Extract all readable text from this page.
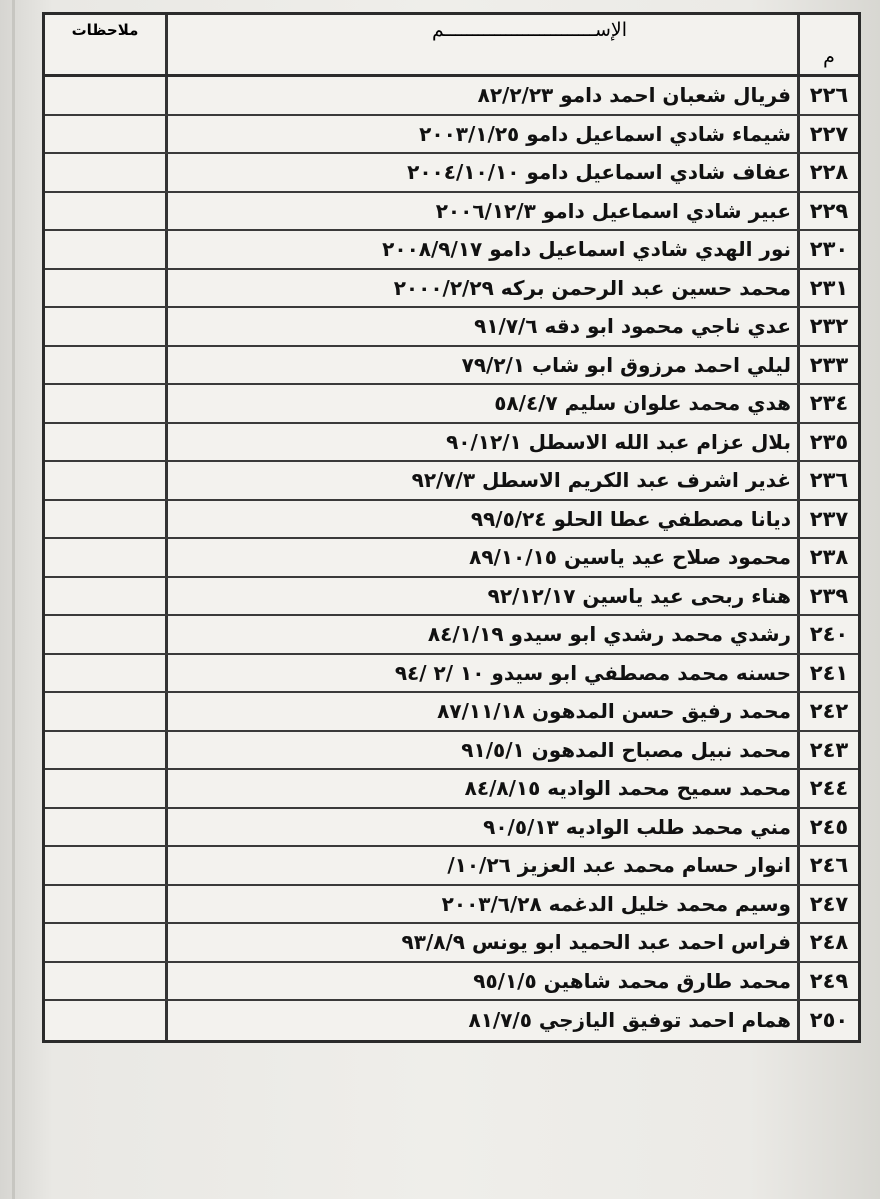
م
الإســـــــــــــــــــــــــــم
ملاحظات
٢٢٦
فريال شعبان احمد دامو ٨٢/٢/٢٣
٢٢٧
شيماء شادي اسماعيل دامو ٢٠٠٣/١/٢٥
٢٢٨
عفاف شادي اسماعيل دامو ٢٠٠٤/١٠/١٠
٢٢٩
عبير شادي اسماعيل دامو ٢٠٠٦/١٢/٣
٢٣٠
نور الهدي شادي اسماعيل دامو ٢٠٠٨/٩/١٧
٢٣١
محمد حسين عبد الرحمن بركه ٢٠٠٠/٢/٢٩
٢٣٢
عدي ناجي محمود ابو دقه ٩١/٧/٦
٢٣٣
ليلي احمد مرزوق ابو شاب ٧٩/٢/١
٢٣٤
هدي محمد علوان سليم ٥٨/٤/٧
٢٣٥
بلال عزام عبد الله الاسطل ٩٠/١٢/١
٢٣٦
غدير اشرف عبد الكريم الاسطل ٩٢/٧/٣
٢٣٧
ديانا مصطفي عطا الحلو ٩٩/٥/٢٤
٢٣٨
محمود صلاح عيد ياسين ٨٩/١٠/١٥
٢٣٩
هناء ربحى عيد ياسين ٩٢/١٢/١٧
٢٤٠
رشدي محمد رشدي ابو سيدو ٨٤/١/١٩
٢٤١
حسنه محمد مصطفي ابو سيدو ١٠ /٢ /٩٤
٢٤٢
محمد رفيق حسن المدهون ٨٧/١١/١٨
٢٤٣
محمد نبيل مصباح المدهون ٩١/٥/١
٢٤٤
محمد سميح محمد الواديه ٨٤/٨/١٥
٢٤٥
مني محمد طلب الواديه ٩٠/٥/١٣
٢٤٦
انوار حسام محمد عبد العزيز ١٠/٢٦/
٢٤٧
وسيم محمد خليل الدغمه ٢٠٠٣/٦/٢٨
٢٤٨
فراس احمد عبد الحميد ابو يونس ٩٣/٨/٩
٢٤٩
محمد طارق محمد شاهين ٩٥/١/٥
٢٥٠
همام احمد توفيق اليازجي ٨١/٧/٥
